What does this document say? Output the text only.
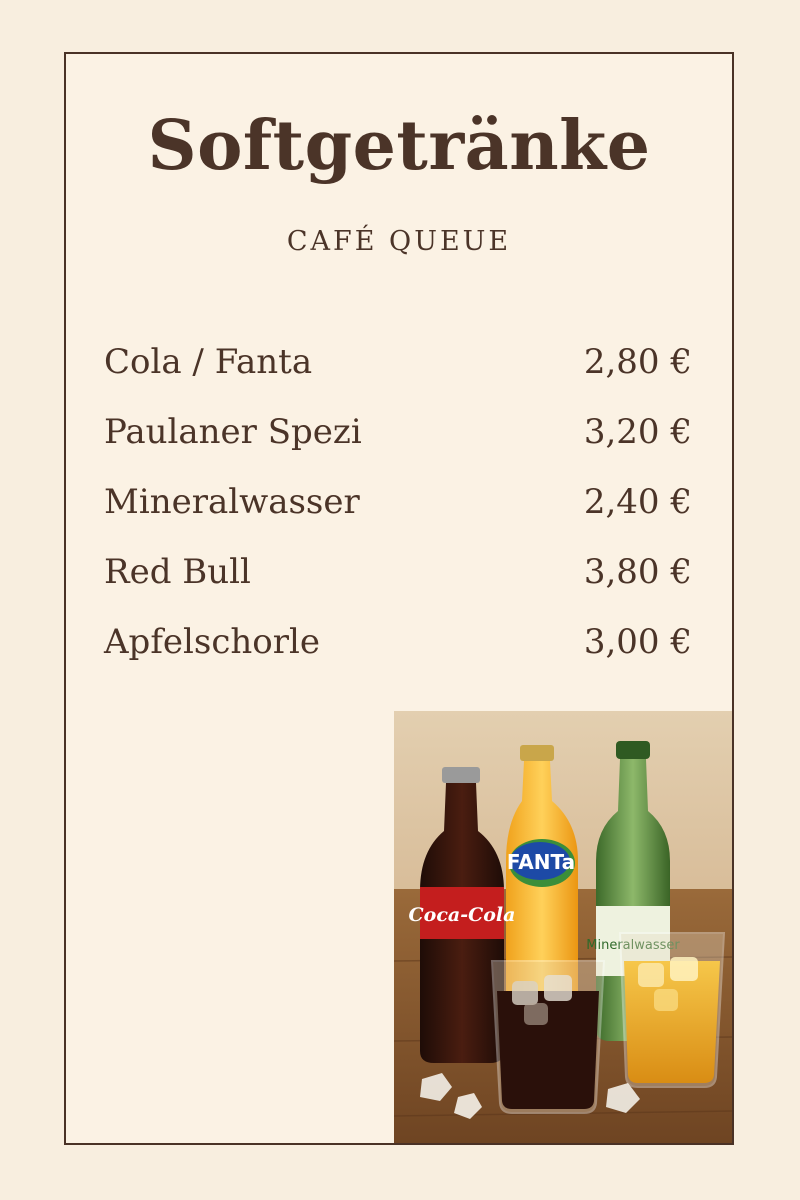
Softgetränke
CAFÉ QUEUE
Cola / Fanta	2,80 €
Paulaner Spezi	3,20 €
Mineralwasser	2,40 €
Red Bull	3,80 €
Apfelschorle	3,00 €
Mineralwasser
FANTa
Coca-Cola
